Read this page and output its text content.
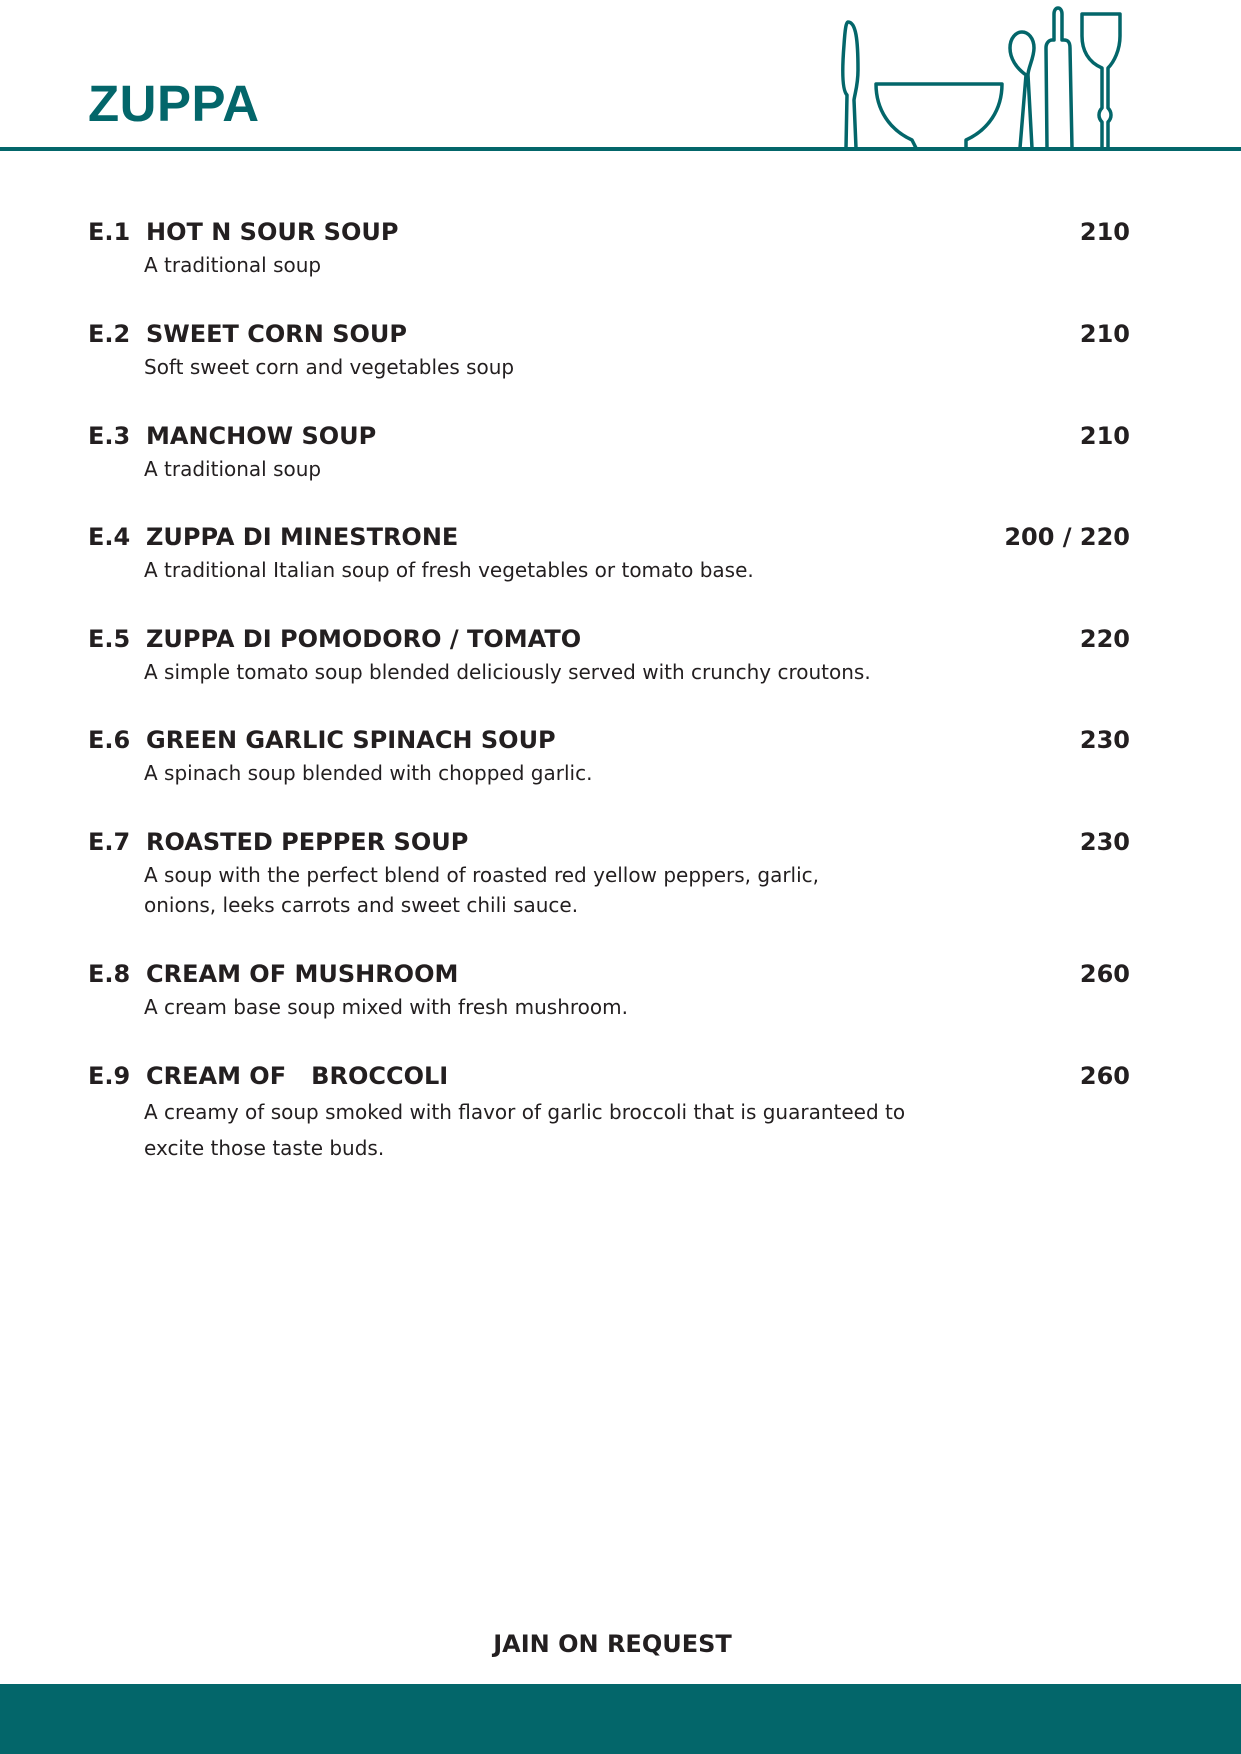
ZUPPA
E.1 HOT N SOUR SOUP	210
A traditional soup
E.2 SWEET CORN SOUP	210
Soft sweet corn and vegetables soup
E.3 MANCHOW SOUP	210
A traditional soup
E.4 ZUPPA DI MINESTRONE	200 / 220
A traditional Italian soup of fresh vegetables or tomato base.
E.5 ZUPPA DI POMODORO / TOMATO	220
A simple tomato soup blended deliciously served with crunchy croutons.
E.6 GREEN GARLIC SPINACH SOUP	230
A spinach soup blended with chopped garlic.
E.7 ROASTED PEPPER SOUP	230
A soup with the perfect blend of roasted red yellow peppers, garlic,
onions, leeks carrots and sweet chili sauce.
E.8 CREAM OF MUSHROOM	260
A cream base soup mixed with fresh mushroom.
E.9 CREAM OF   BROCCOLI	260
A creamy of soup smoked with flavor of garlic broccoli that is guaranteed to
excite those taste buds.
JAIN ON REQUEST
